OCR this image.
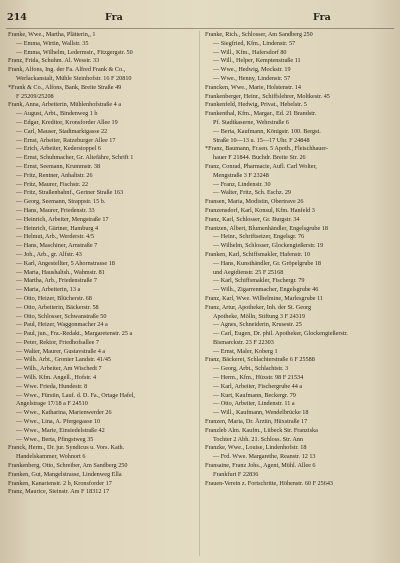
214	Fra	Fra
Franke, Wwe., Martha, Plätterin,, 1
— Emma, Wirtin, Wallstr. 35
— Emma, Wilhelm, Ledermstr., Fitzgergstr. 50
Franz, Frida, Schuhm. Al. Wesstr. 33
Frank, Alfons, Ing. der Fa. Alfred Frank & Co.,
Werlackanstalt, Mühle Steinhofstr. 16 F 20810
*Frank & Co., Alfons, Bank, Breite Straße 49
F 25209/25208
Frank, Anna, Arbeiterin, Mühlenhofstraße 4 a
— August, Arbt., Bindenweg 1 b
— Edgar, Kreditor, Kronsforder Allee 19
— Carl, Mauser, Stadtmarktgasse 22
— Ernst, Arbeiter, Ratzeburger Allee 17
— Erich, Arbeiter, Kederstoppel 6
— Ernst, Schuhmacher, Gr. Altefähre, Schrift 1
— Ernst, Seemann, Krummstr. 38
— Fritz, Rentner, Anhaltstr. 26
— Fritz, Maurer, Fischstr. 22
— Fritz, Straßenbahnf., Geriner Straße 163
— Georg, Seemann, Strappstr. 15 b.
— Hans, Maurer, Friedenstr. 33
— Heinrich, Arbeiter, Mengstraße 17
— Heinrich, Gärtner, Hamburg 4
— Helmut, Arb., Werderstr. 4/5
— Hans, Maschiner, Arnstraße 7
— Joh., Arb., gr. Alfstr. 43
— Karl, Angestellter, 5 Ahornstrasse 18
— Maria, Haushaltsh., Wahmstr. 81
— Martha, Arb., Friedenstraße 7
— Maria, Arbeiterin, 13 a
— Otto, Heizer, Blücherstr. 68
— Otto, Arbeiterin, Bäckerstr. 58
— Otto, Schlosser, Schwanstraße 50
— Paul, Heizer, Waggonmacher 24 a
— Paul, jun., Fra.-Redakt., Margaretenstr. 25 a
— Peter, Rektor, Friedhofsallee 7
— Walter, Maurer, Gustavstraße 4 a
— Wilh. Arbt., Gronier Landstr. 41/45
— Wilh., Arbeiter, Am Wischedt 7
— Wilh. Kfm. Angell., Hofstr. 4
— Wwe. Frieda, Hundestr. 8
— Wwe., Fürstin, Lauf. d. D. Fa., Ortage Hafel,
Angelstrage 17/18 a F 24510
— Wwe., Katharina, Marienwerder 26
— Wwe., Lina, A. Pfergegasse 10
— Wwe., Marie, Einsiedelstraße 42
— Wwe., Berta, Pfingstweg 35
Franck, Herm., Dr. jur. Syndicus u. Vors. Kath.
Handelskammer, Wohnort 6
Frankenberg, Otto, Schreiber, Am Sandberg 250
Franken, Gut, Mangelstrasse, Lindenweg Ella
Franken, Kanarienstr. 2 b, Kronsforder 17
Franz, Maurice, Steinstr. Am F 18312 17
Franke, Rich., Schlosser, Am Sandberg 250
— Siegfried, Kfm., Lindenstr. 57
— Will., Kfm., Hafersdorf 80
— Will., Helper, Kemptenstraße 11
— Wwe., Hedwig, Mockstr. 19
— Wwe., Henny, Lindenstr. 57
Francken, Wwe., Marie, Holstenstr. 14
Frankenberger, Heinr., Schiffslehrer, Moltkestr. 45
Frankenfeld, Hedwig, Privat., Hebelstr. 5
Frankenthal, Kfm., Margar., Ed. 21 Brandstr.
Pf. Stadtkaserne, Wehrstraße 6
— Berta, Kaufmann, Königstr. 100. Bergst.
Straße 10—13 u. 15—17 Uhr. F 24848
*Franz, Baumann, Fr.sen. 5 Apoth., Fleischhauer-
hauer F 21844. Buchdr. Breite Str. 26
Franz, Conrad, Pharmacie, Aufl. Carl Wolter,
Mengstraße 3 F 23248
— Franz, Lindenstr. 30
— Walter, Fritz, Sch. Eschz. 29
Fransen, Maria, Modistin, Obertrave 26
Franzensdorf, Karl, Konsul, Kfm. Hanfeld 3
Franz, Karl, Schlosser, Gr. Burgstr. 34
Frantzen, Albert, Blumenhändler, Engelsgrube 18
— Heinr., Schriftsetzer, Engelsgr. 76
— Wilhelm, Schlosser, Glockengießerstr. 19
Franken, Karl, Schiffsmakler, Hafenstr. 10
— Hans, Kunsthändler, Gr. Gröpelgrube 18
und Aegidienstr. 25 F 25168
— Karl, Schiffsmakler, Fischergr. 79
— Wilh., Zigarrenmacher, Engelsgrube 46
Franz, Karl, Wwe. Wilhelmine, Marlesgrube 11
Franz, Artur, Apotheker, Inh. der St. Georg
Apotheke, Mölln, Stiftung 3 F 24319
— Agnes, Schneiderin, Krusestr. 25
— Carl, Eugen, Dr. phil. Apotheker, Glockengießerstr.
Bismarckstr. 23 F 22303
— Ernst, Maler, Koberg 1
Franz, Bäckerei, Schlachterstraße 6 F 25588
— Georg, Arbt., Schlachtstr. 3
— Herm., Kfm., Hüxstr. 98 F 21534
— Karl, Arbeiter, Fischergrube 44 a
— Kurt, Kaufmann, Beckergr. 79
— Otto, Arbeiter, Lindenstr. 11 a
— Will., Kaufmann, Wendelbrücke 18
Franzen, Maria, Dr. Ärztin, Hüxstraße 17
Franzleb Alm. Kaufm., Lübeck Str. Franziska
Tochter 2 Abh. 21. Schloss. Str. Ann
Franzke, Wwe., Louise, Lindenhofstr. 18
— Frd. Wwe. Margarethe, Reanstr. 12 13
Fransaine, Franz Johs., Agent, Mühl. Allee 6
Frankfurt F 22836
Frauen-Verein z. Fortschritte, Höhenstr. 60 F 25643
